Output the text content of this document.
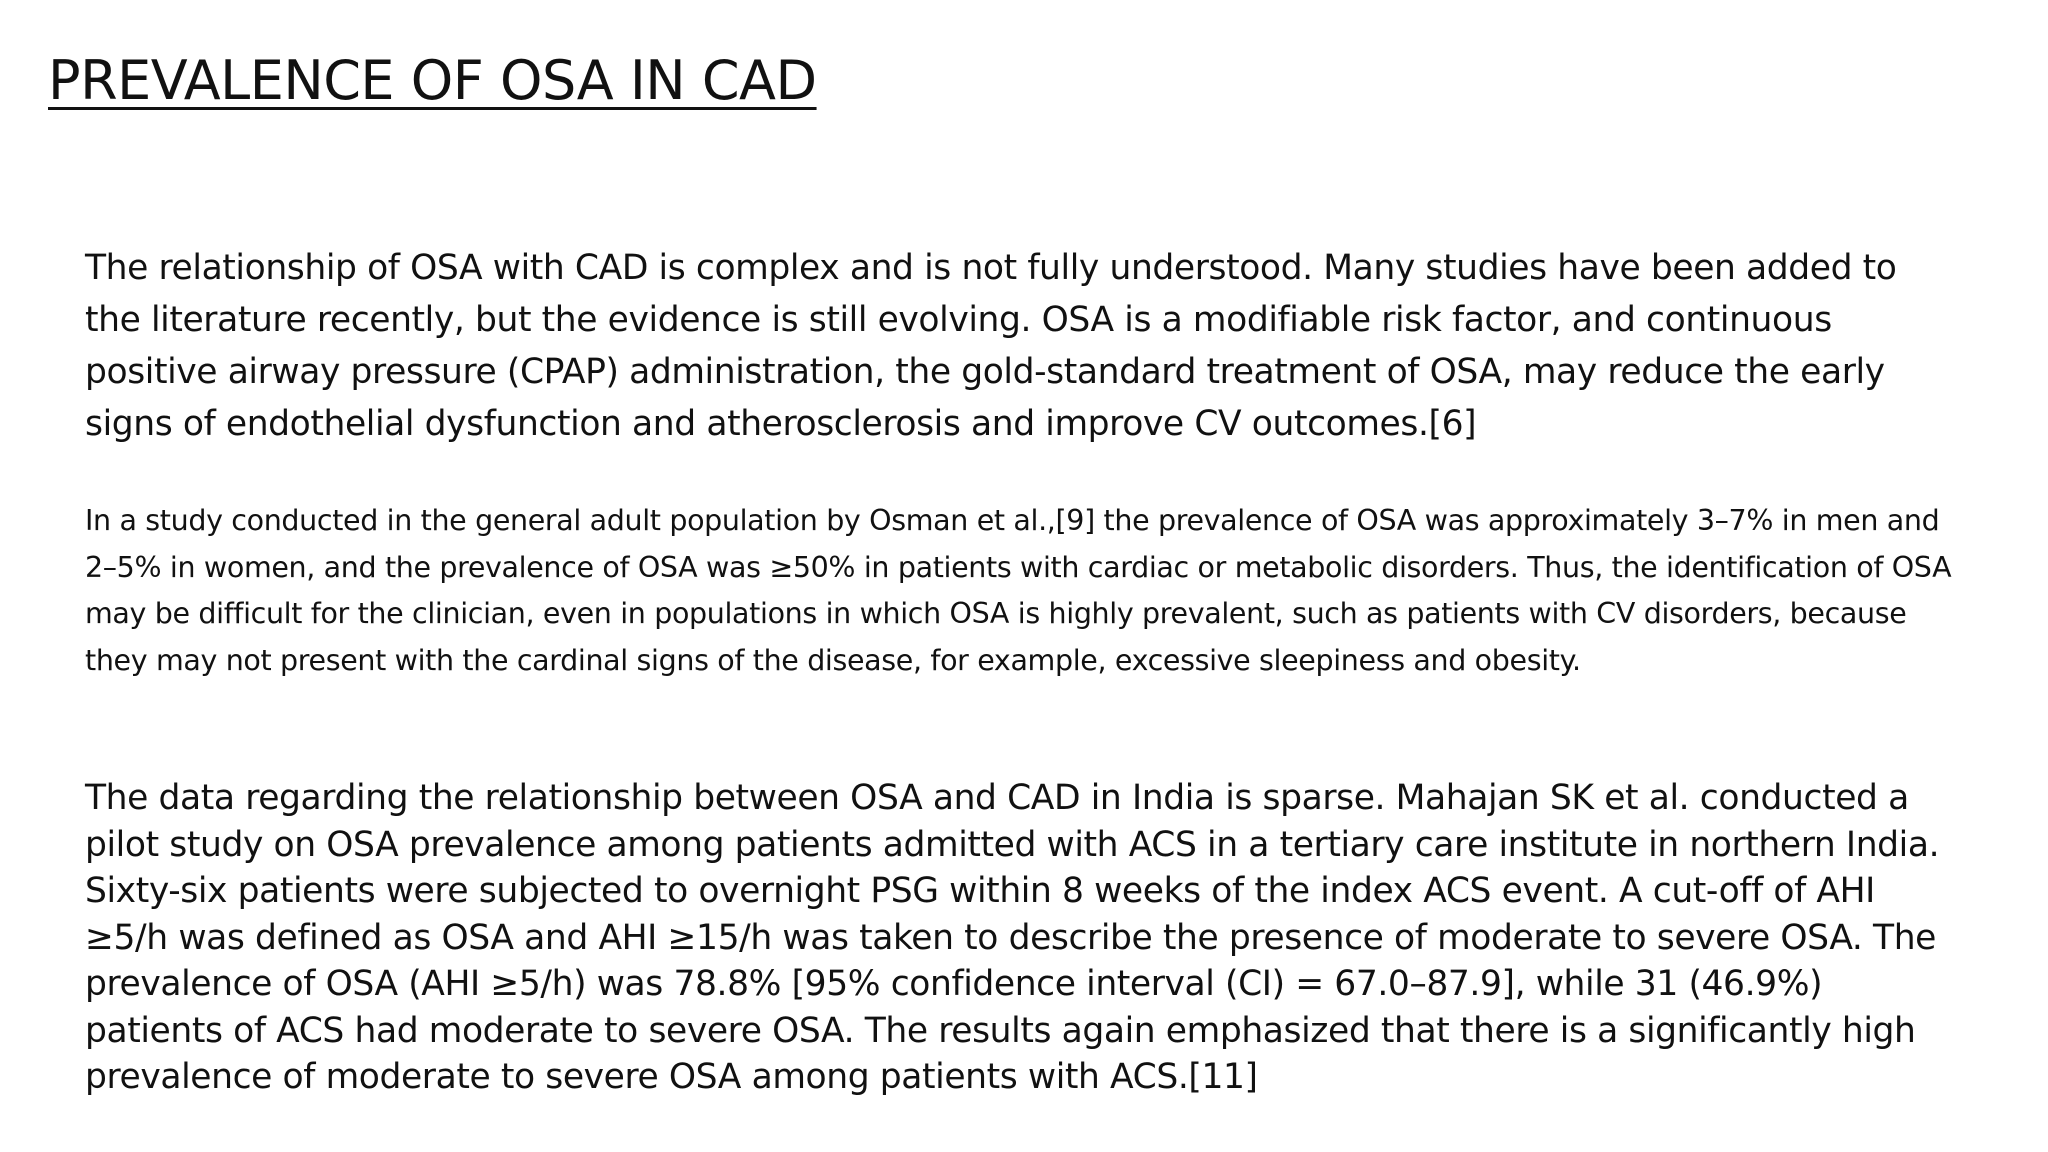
PREVALENCE OF OSA IN CAD

The relationship of OSA with CAD is complex and is not fully understood. Many studies have been added to the literature recently, but the evidence is still evolving. OSA is a modifiable risk factor, and continuous positive airway pressure (CPAP) administration, the gold-standard treatment of OSA, may reduce the early signs of endothelial dysfunction and atherosclerosis and improve CV outcomes.[6]

In a study conducted in the general adult population by Osman et al.,[9] the prevalence of OSA was approximately 3–7% in men and 2–5% in women, and the prevalence of OSA was ≥50% in patients with cardiac or metabolic disorders. Thus, the identification of OSA may be difficult for the clinician, even in populations in which OSA is highly prevalent, such as patients with CV disorders, because they may not present with the cardinal signs of the disease, for example, excessive sleepiness and obesity.

The data regarding the relationship between OSA and CAD in India is sparse. Mahajan SK et al. conducted a pilot study on OSA prevalence among patients admitted with ACS in a tertiary care institute in northern India. Sixty-six patients were subjected to overnight PSG within 8 weeks of the index ACS event. A cut-off of AHI ≥5/h was defined as OSA and AHI ≥15/h was taken to describe the presence of moderate to severe OSA. The prevalence of OSA (AHI ≥5/h) was 78.8% [95% confidence interval (CI) = 67.0–87.9], while 31 (46.9%) patients of ACS had moderate to severe OSA. The results again emphasized that there is a significantly high prevalence of moderate to severe OSA among patients with ACS.[11]
